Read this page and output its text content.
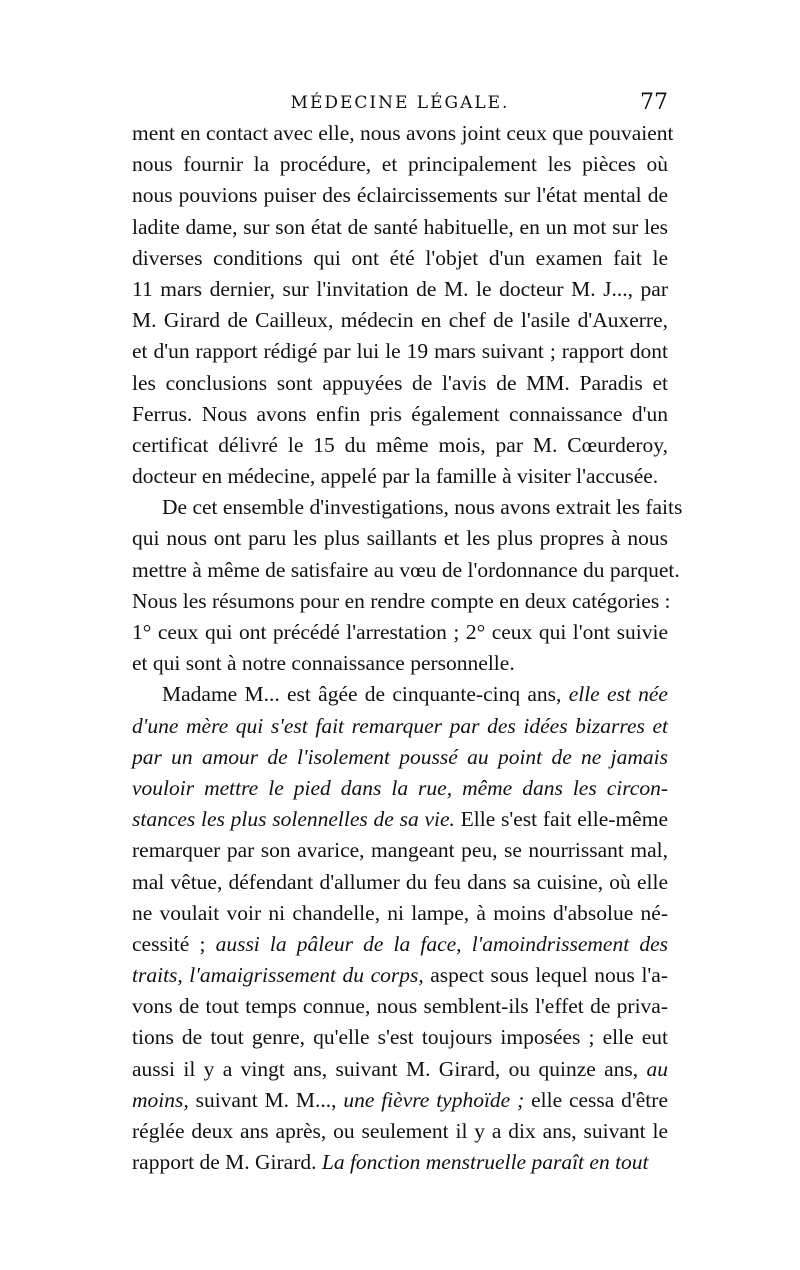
MÉDECINE LÉGALE.	77
ment en contact avec elle, nous avons joint ceux que pouvaient
nous fournir la procédure, et principalement les pièces où
nous pouvions puiser des éclaircissements sur l'état mental de
ladite dame, sur son état de santé habituelle, en un mot sur les
diverses conditions qui ont été l'objet d'un examen fait le
11 mars dernier, sur l'invitation de M. le docteur M. J..., par
M. Girard de Cailleux, médecin en chef de l'asile d'Auxerre,
et d'un rapport rédigé par lui le 19 mars suivant ; rapport dont
les conclusions sont appuyées de l'avis de MM. Paradis et
Ferrus. Nous avons enfin pris également connaissance d'un
certificat délivré le 15 du même mois, par M. Cœurderoy,
docteur en médecine, appelé par la famille à visiter l'accusée.
De cet ensemble d'investigations, nous avons extrait les faits
qui nous ont paru les plus saillants et les plus propres à nous
mettre à même de satisfaire au vœu de l'ordonnance du parquet.
Nous les résumons pour en rendre compte en deux catégories :
1° ceux qui ont précédé l'arrestation ; 2° ceux qui l'ont suivie
et qui sont à notre connaissance personnelle.
Madame M... est âgée de cinquante-cinq ans, elle est née
d'une mère qui s'est fait remarquer par des idées bizarres et
par un amour de l'isolement poussé au point de ne jamais
vouloir mettre le pied dans la rue, même dans les circon-
stances les plus solennelles de sa vie. Elle s'est fait elle-même
remarquer par son avarice, mangeant peu, se nourrissant mal,
mal vêtue, défendant d'allumer du feu dans sa cuisine, où elle
ne voulait voir ni chandelle, ni lampe, à moins d'absolue né-
cessité ; aussi la pâleur de la face, l'amoindrissement des
traits, l'amaigrissement du corps, aspect sous lequel nous l'a-
vons de tout temps connue, nous semblent-ils l'effet de priva-
tions de tout genre, qu'elle s'est toujours imposées ; elle eut
aussi il y a vingt ans, suivant M. Girard, ou quinze ans, au
moins, suivant M. M..., une fièvre typhoïde ; elle cessa d'être
réglée deux ans après, ou seulement il y a dix ans, suivant le
rapport de M. Girard. La fonction menstruelle paraît en tout
